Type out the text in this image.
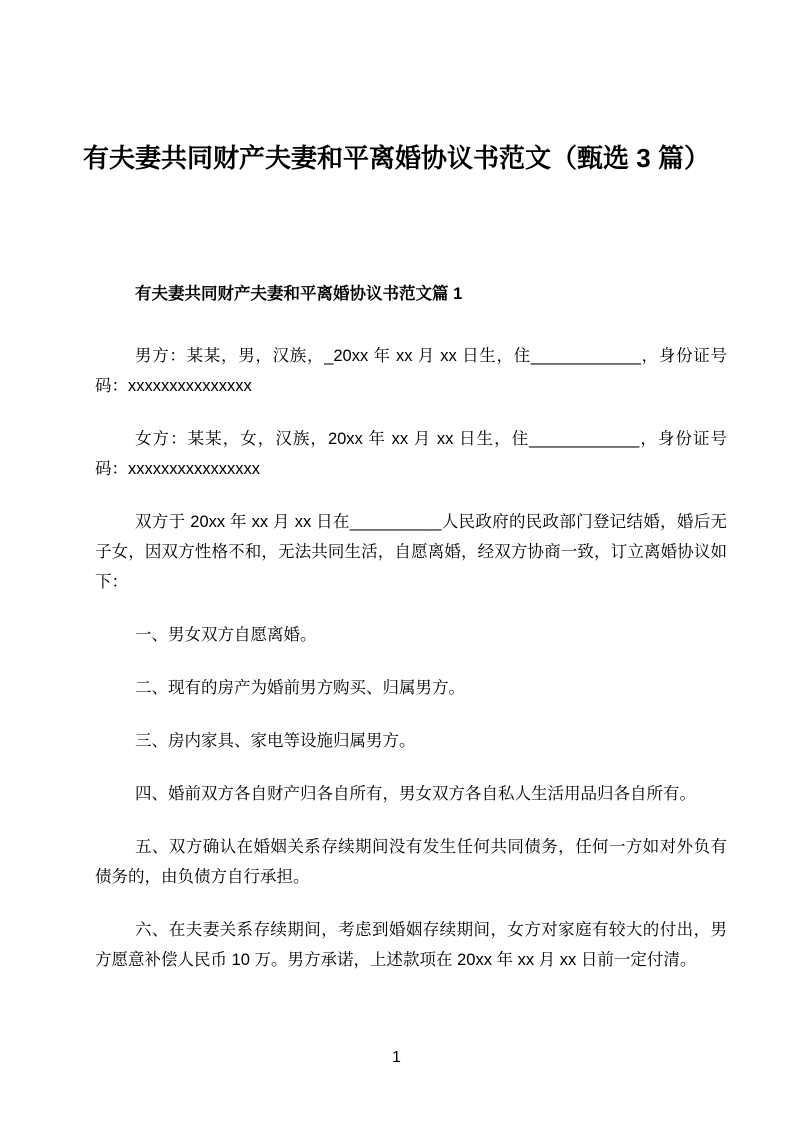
有夫妻共同财产夫妻和平离婚协议书范文（甄选 3 篇）
有夫妻共同财产夫妻和平离婚协议书范文篇 1

男方：某某，男，汉族，_20xx 年 xx 月 xx 日生，住____________，身份证号码：xxxxxxxxxxxxxxx

女方：某某，女，汉族，20xx 年 xx 月 xx 日生，住____________，身份证号码：xxxxxxxxxxxxxxxx

双方于 20xx 年 xx 月 xx 日在__________人民政府的民政部门登记结婚，婚后无子女，因双方性格不和，无法共同生活，自愿离婚，经双方协商一致，订立离婚协议如下：

一、男女双方自愿离婚。

二、现有的房产为婚前男方购买、归属男方。

三、房内家具、家电等设施归属男方。

四、婚前双方各自财产归各自所有，男女双方各自私人生活用品归各自所有。

五、双方确认在婚姻关系存续期间没有发生任何共同债务，任何一方如对外负有债务的，由负债方自行承担。

六、在夫妻关系存续期间，考虑到婚姻存续期间，女方对家庭有较大的付出，男方愿意补偿人民币 10 万。男方承诺，上述款项在 20xx 年 xx 月 xx 日前一定付清。

1
